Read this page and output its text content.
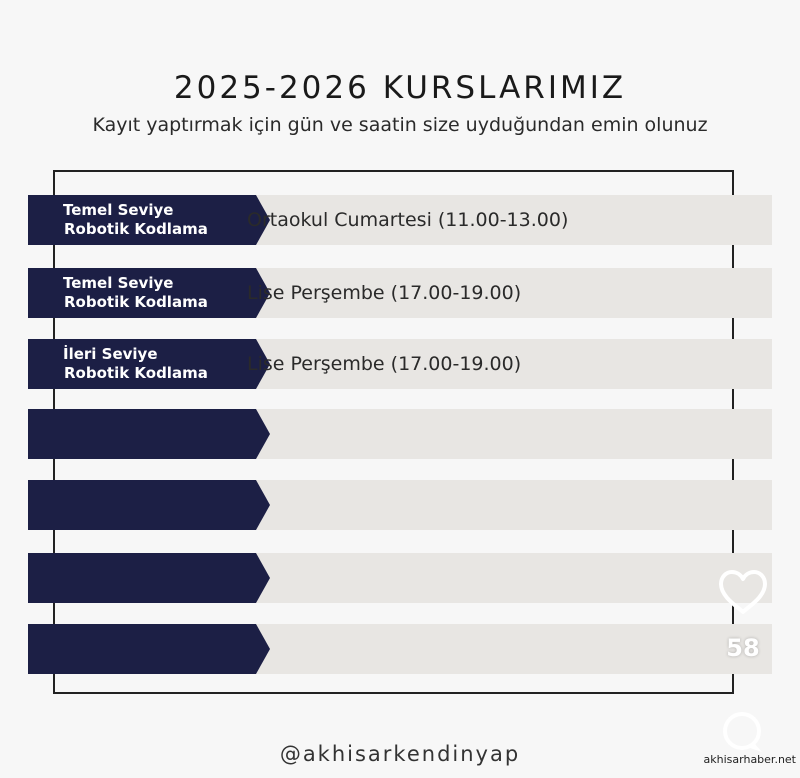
2025-2026 KURSLARIMIZ
Kayıt yaptırmak için gün ve saatin size uyduğundan emin olunuz
Temel Seviye
Robotik Kodlama	Ortaokul Cumartesi (11.00-13.00)
Temel Seviye
Robotik Kodlama	Lise Perşembe (17.00-19.00)
İleri Seviye
Robotik Kodlama	Lise Perşembe (17.00-19.00)
@akhisarkendinyap
58
akhisarhaber.net
